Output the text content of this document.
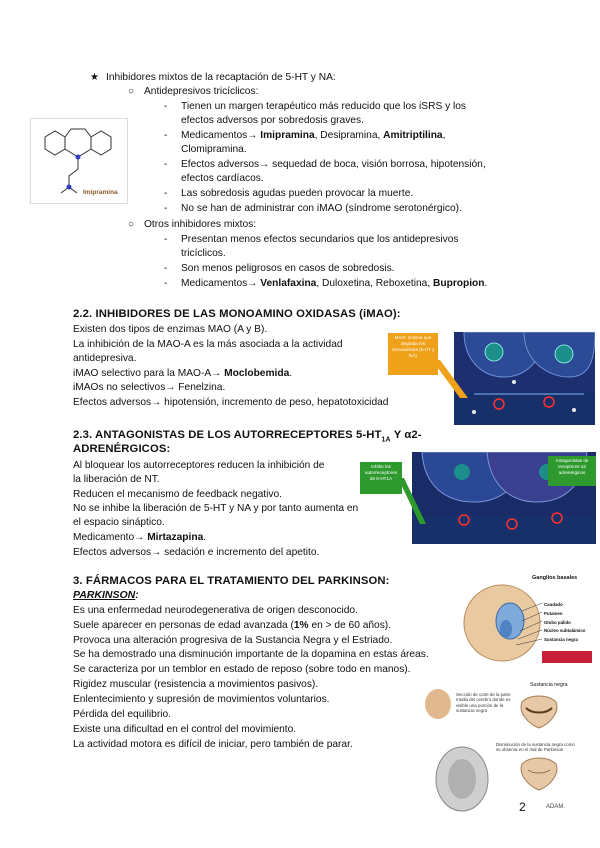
★ Inhibidores mixtos de la recaptación de 5-HT y NA:
○ Antidepresivos tricíclicos:
- Tienen un margen terapéutico más reducido que los iSRS y los
efectos adversos por sobredosis graves.
- Medicamentos→ Imipramina, Desipramina, Amitriptilina,
Clomipramina.
- Efectos adversos→ sequedad de boca, visión borrosa, hipotensión,
efectos cardíacos.
- Las sobredosis agudas pueden provocar la muerte.
- No se han de administrar con iMAO (síndrome serotonérgico).
○ Otros inhibidores mixtos:
- Presentan menos efectos secundarios que los antidepresivos
tricíclicos.
- Son menos peligrosos en casos de sobredosis.
- Medicamentos→ Venlafaxina, Duloxetina, Reboxetina, Bupropion.
Imipramina
2.2. INHIBIDORES DE LAS MONOAMINO OXIDASAS (iMAO):
Existen dos tipos de enzimas MAO (A y B).
La inhibición de la MAO-A es la más asociada a la actividad
antidepresiva.
iMAO selectivo para la MAO-A→ Moclobemida.
iMAOs no selectivos→ Fenelzina.
Efectos adversos→ hipotensión, incremento de peso, hepatotoxicidad
MAO: enzima que degrada los monoaminas (5-HT y NA)
2.3. ANTAGONISTAS DE LOS AUTORRECEPTORES $5-HT_{1A}$ Y α2-
ADRENÉRGICOS:
Al bloquear los autorreceptores reducen la inhibición de
la liberación de NT.
Reducen el mecanismo de feedback negativo.
No se inhibe la liberación de 5-HT y NA y por tanto aumenta en
el espacio sináptico.
Medicamento→ Mirtazapina.
Efectos adversos→ sedación e incremento del apetito.
Inhibe los autorreceptores de 5-HT1A
Antagonistas de receptores α2 adrenérgicos
3. FÁRMACOS PARA EL TRATAMIENTO DEL PARKINSON:
PARKINSON:
Es una enfermedad neurodegenerativa de origen desconocido.
Suele aparecer en personas de edad avanzada (1% en > de 60 años).
Provoca una alteración progresiva de la Sustancia Negra y el Estriado.
Se ha demostrado una disminución importante de la dopamina en estas áreas.
Se caracteriza por un temblor en estado de reposo (sobre todo en manos).
Rigidez muscular (resistencia a movimientos pasivos).
Enlentecimiento y supresión de movimientos voluntarios.
Pérdida del equilibrio.
Existe una dificultad en el control del movimiento.
La actividad motora es difícil de iniciar, pero también de parar.
Ganglios basales
Caudado
Putamen
Globo pálido
Núcleo subtalámico
Sustancia negra
Sustancia negra
Sección de corte de la parte media del cerebro donde es visible una porción de la sustancia negra
Disminución de la sustancia negra como se observa en el mal de Parkinson
ADAM.
2
